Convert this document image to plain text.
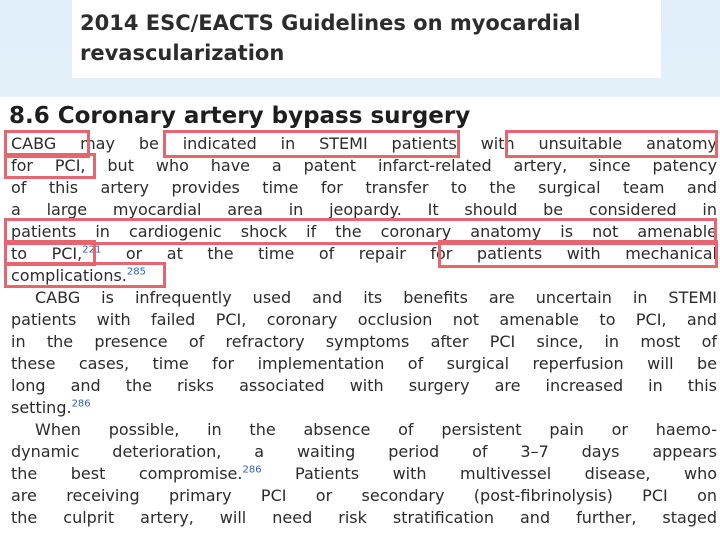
2014 ESC/EACTS Guidelines on myocardial revascularization

8.6 Coronary artery bypass surgery

CABG may be indicated in STEMI patients with unsuitable anatomy
for PCI, but who have a patent infarct-related artery, since patency
of this artery provides time for transfer to the surgical team and
a large myocardial area in jeopardy. It should be considered in
patients in cardiogenic shock if the coronary anatomy is not amenable
to PCI,$^{221}$ or at the time of repair for patients with mechanical
complications.$^{285}$
CABG is infrequently used and its benefits are uncertain in STEMI
patients with failed PCI, coronary occlusion not amenable to PCI, and
in the presence of refractory symptoms after PCI since, in most of
these cases, time for implementation of surgical reperfusion will be
long and the risks associated with surgery are increased in this
setting.$^{286}$
When possible, in the absence of persistent pain or haemo-
dynamic deterioration, a waiting period of 3–7 days appears
the best compromise.$^{286}$ Patients with multivessel disease, who
are receiving primary PCI or secondary (post-fibrinolysis) PCI on
the culprit artery, will need risk stratification and further, staged
